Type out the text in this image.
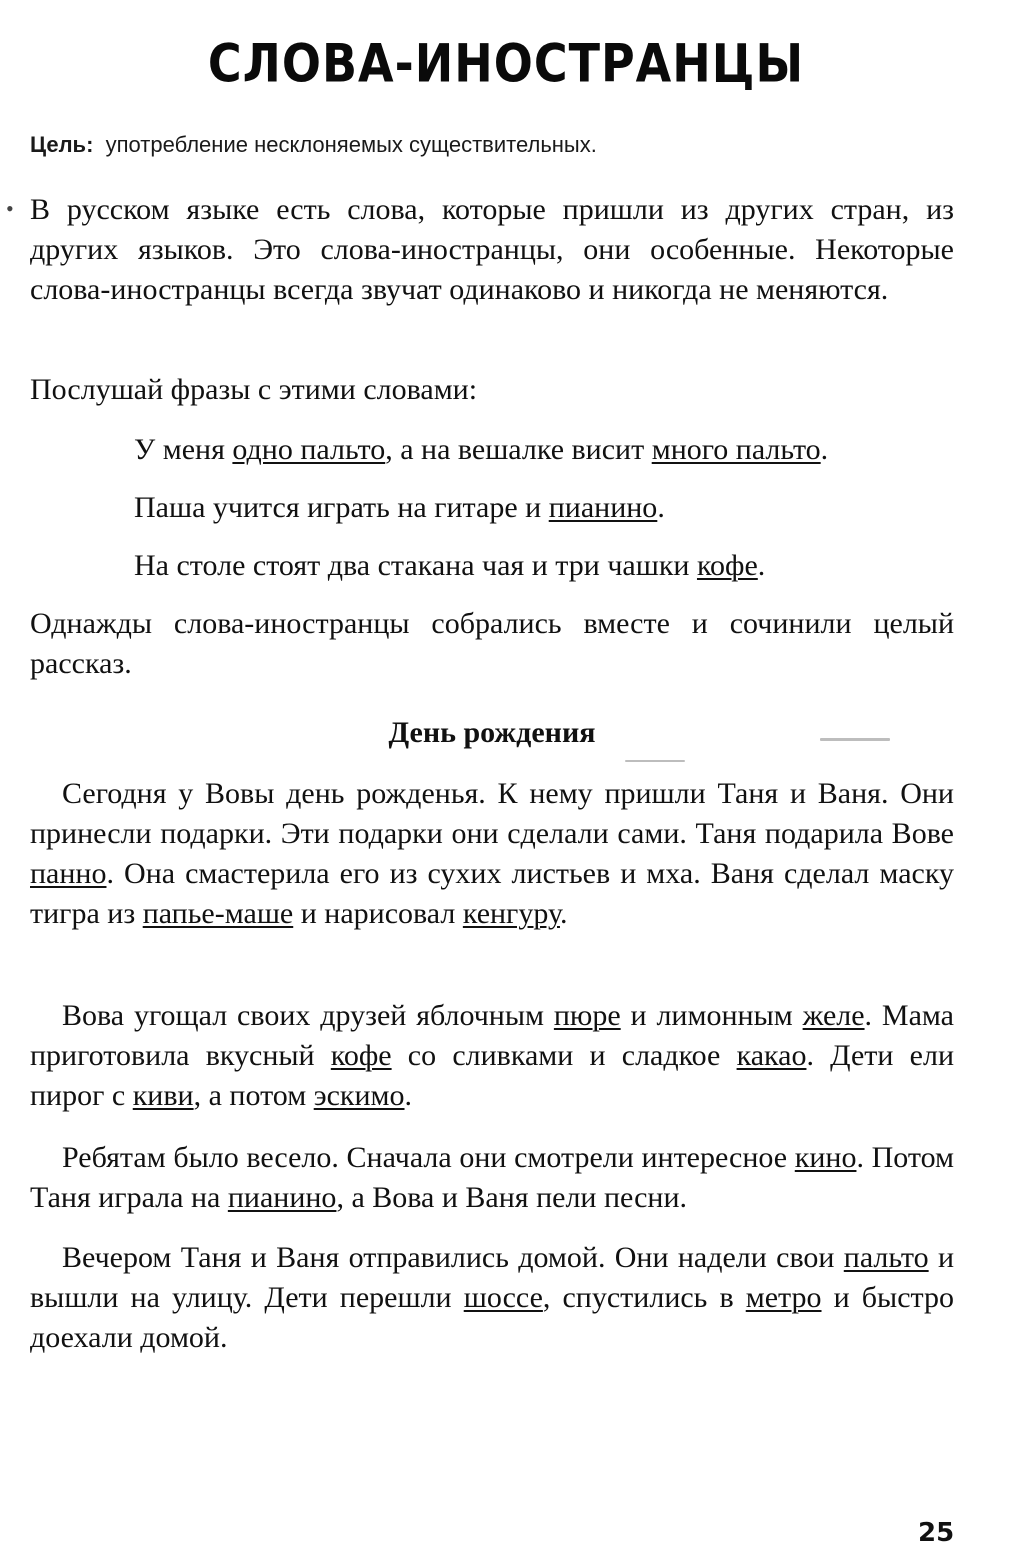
•
СЛОВА-ИНОСТРАНЦЫ
Цель: употребление несклоняемых существительных.

В русском языке есть слова, которые пришли из других стран, из других языков. Это слова-иностранцы, они особенные. Некоторые слова-иностранцы всегда звучат одинаково и никогда не меняются.

Послушай фразы с этими словами:

У меня одно пальто, а на вешалке висит много пальто.

Паша учится играть на гитаре и пианино.

На столе стоят два стакана чая и три чашки кофе.

Однажды слова-иностранцы собрались вместе и сочинили целый рассказ.

День рождения

Сегодня у Вовы день рожденья. К нему пришли Таня и Ваня. Они принесли подарки. Эти подарки они сделали сами. Таня подарила Вове панно. Она смастерила его из сухих листьев и мха. Ваня сделал маску тигра из папье-маше и нарисовал кенгуру.

Вова угощал своих друзей яблочным пюре и лимонным желе. Мама приготовила вкусный кофе со сливками и сладкое какао. Дети ели пирог с киви, а потом эскимо.

Ребятам было весело. Сначала они смотрели интересное кино. Потом Таня играла на пианино, а Вова и Ваня пели песни.

Вечером Таня и Ваня отправились домой. Они надели свои пальто и вышли на улицу. Дети перешли шоссе, спустились в метро и быстро доехали домой.

25
